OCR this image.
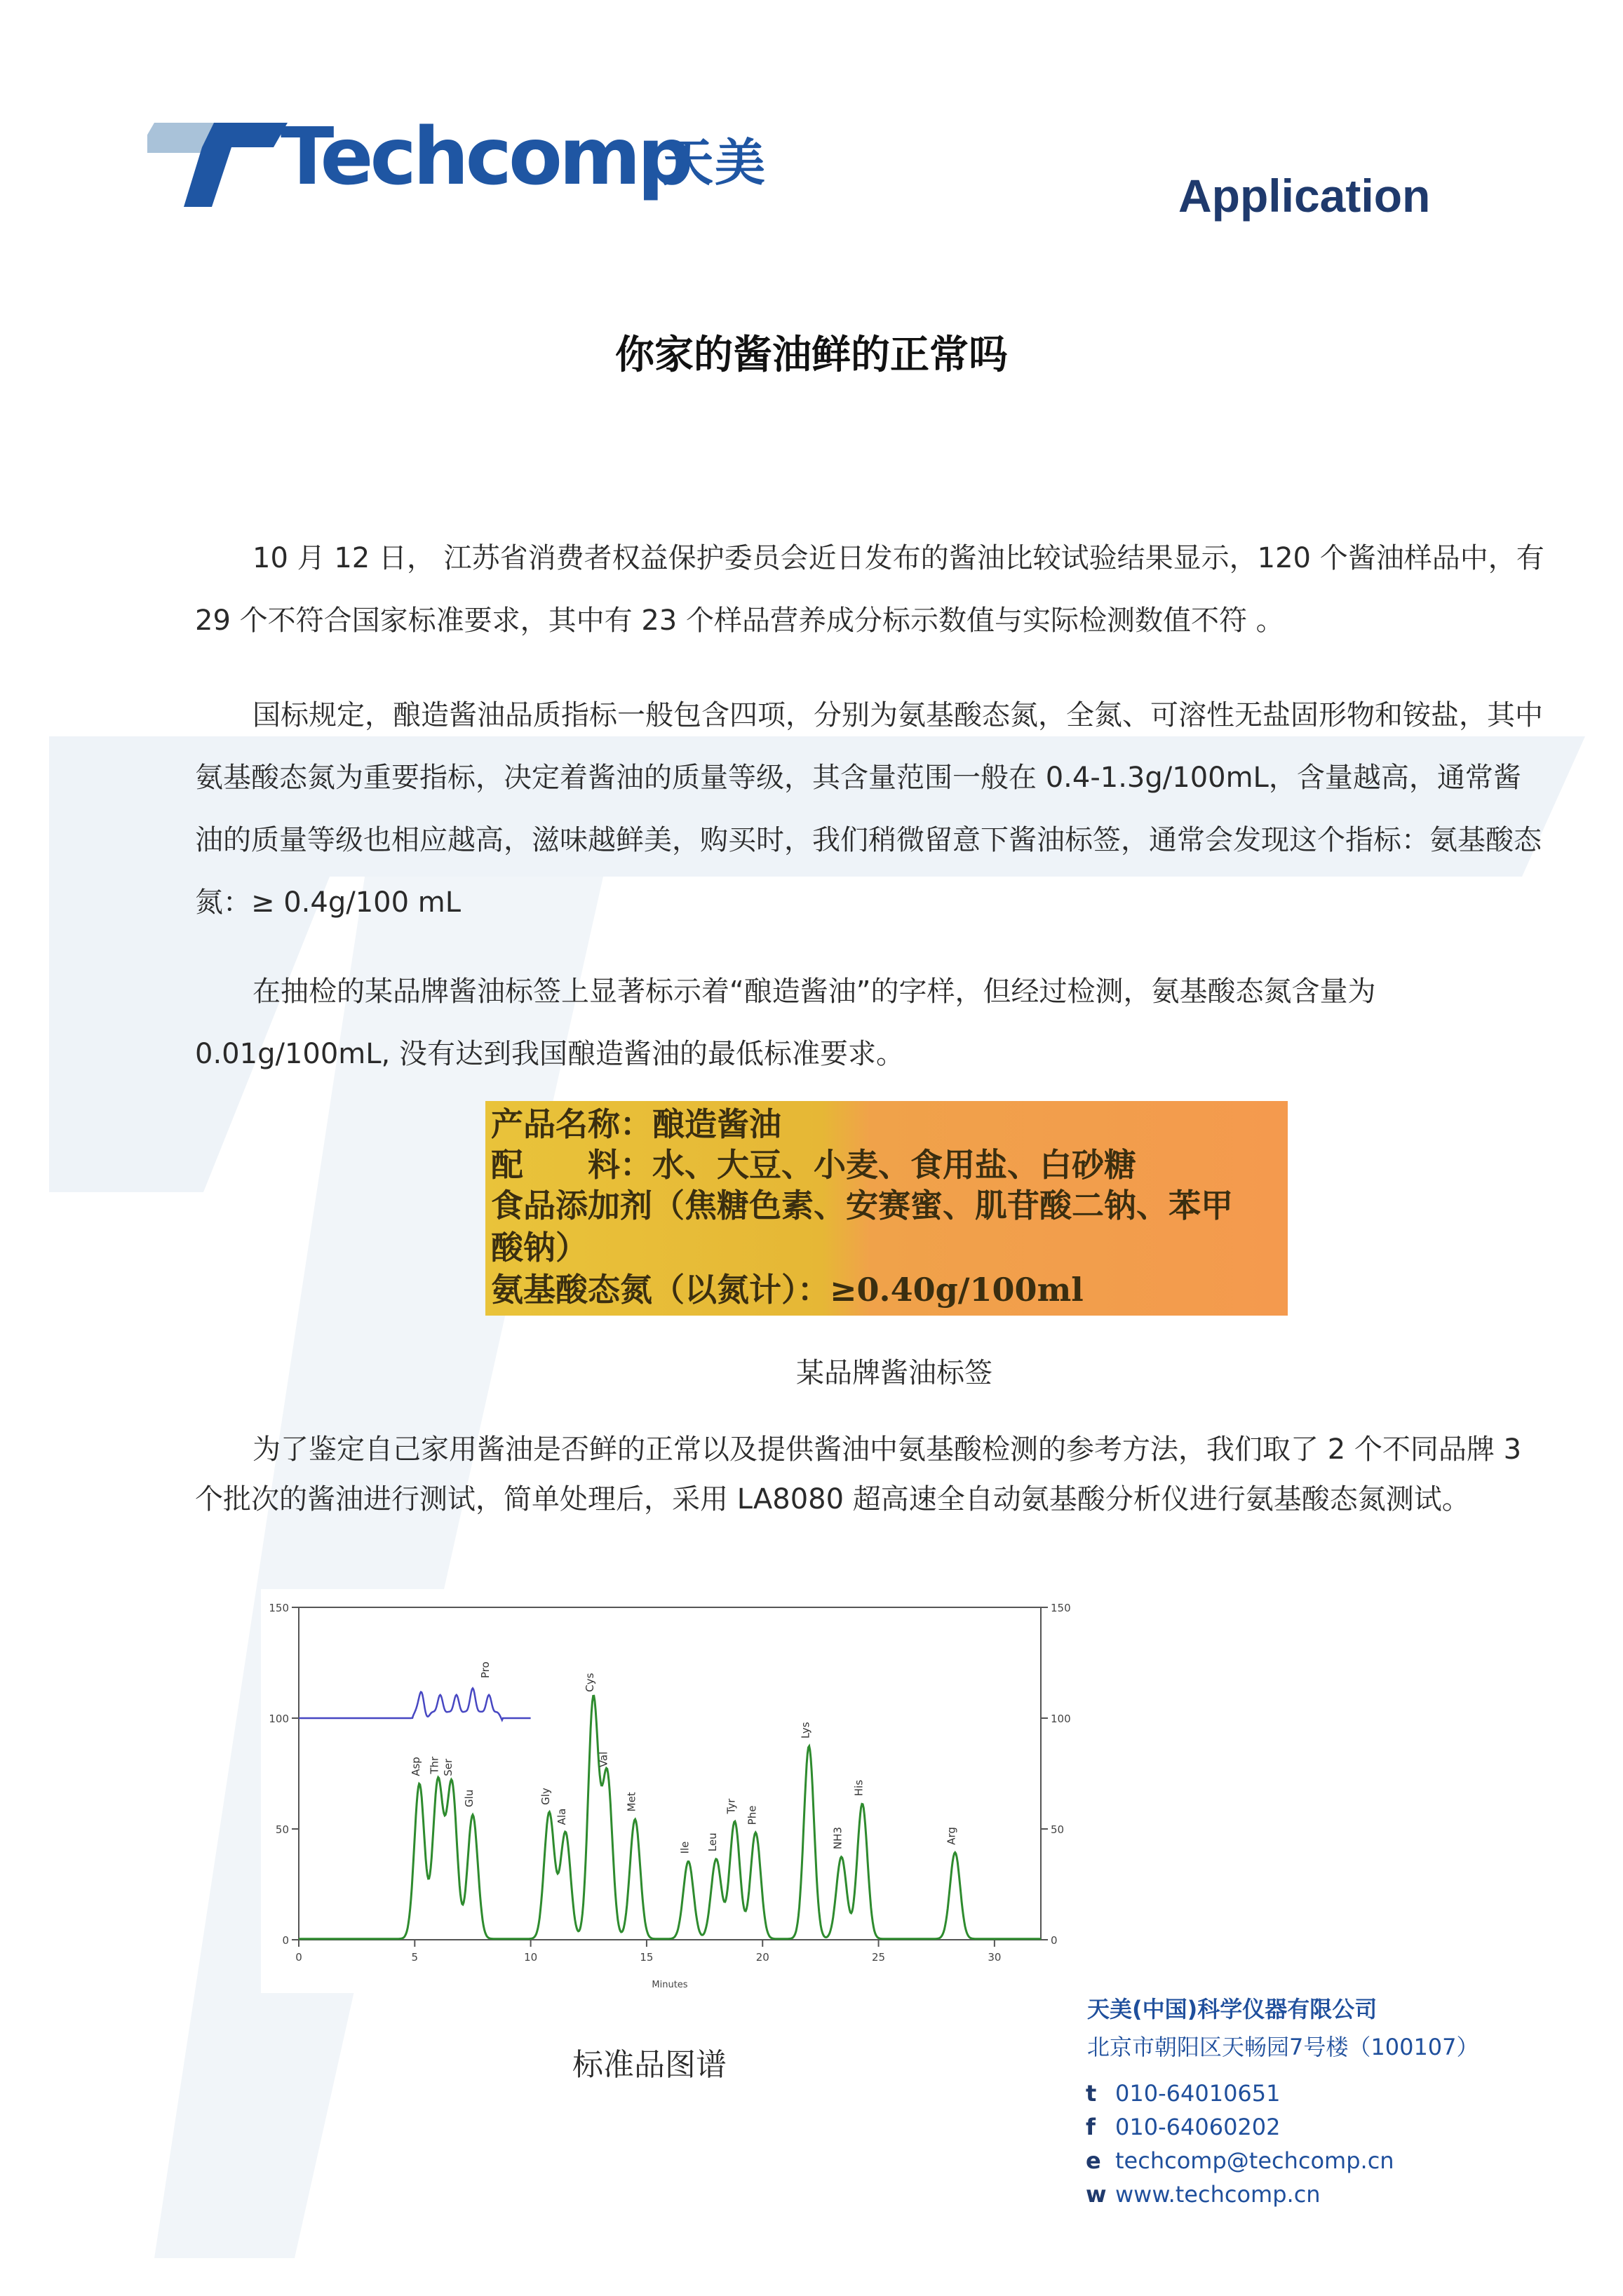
Techcomp
天美
Application
你家的酱油鲜的正常吗
10 月 12 日， 江苏省消费者权益保护委员会近日发布的酱油比较试验结果显示，120 个酱油样品中，有 29 个不符合国家标准要求，其中有 23 个样品营养成分标示数值与实际检测数值不符 。
国标规定，酿造酱油品质指标一般包含四项，分别为氨基酸态氮，全氮、可溶性无盐固形物和铵盐，其中氨基酸态氮为重要指标，决定着酱油的质量等级，其含量范围一般在 0.4-1.3g/100mL，含量越高，通常酱油的质量等级也相应越高，滋味越鲜美，购买时，我们稍微留意下酱油标签，通常会发现这个指标：氨基酸态氮：≥ 0.4g/100 mL
在抽检的某品牌酱油标签上显著标示着“酿造酱油”的字样，但经过检测，氨基酸态氮含量为0.01g/100mL, 没有达到我国酿造酱油的最低标准要求。
产品名称：酿造酱油
配　　料：水、大豆、小麦、食用盐、白砂糖
食品添加剂（焦糖色素、安赛蜜、肌苷酸二钠、苯甲
酸钠）
氨基酸态氮（以氮计）：≥0.40g/100ml
某品牌酱油标签
为了鉴定自己家用酱油是否鲜的正常以及提供酱油中氨基酸检测的参考方法，我们取了 2 个不同品牌 3 个批次的酱油进行测试，简单处理后，采用 LA8080 超高速全自动氨基酸分析仪进行氨基酸态氮测试。
0
50
100
150
0
50
100
150
0	5	10	15	20	25	30
Minutes
Asp Thr Ser
Glu	Gly
Ala
Cys
Val
Met
Ile Leu
Tyr Phe
Lys
NH3
His
Arg
Pro
标准品图谱
天美(中国)科学仪器有限公司
北京市朝阳区天畅园7号楼（100107）
t 010-64010651
f 010-64060202
e techcomp@techcomp.cn
w www.techcomp.cn
